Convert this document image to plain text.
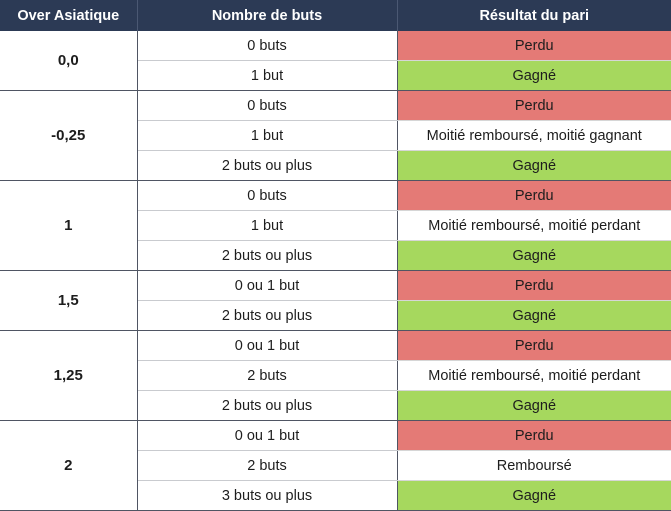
Over Asiatique	Nombre de buts	Résultat du pari
0,0	0 buts	Perdu
	1 but	Gagné
-0,25	0 buts	Perdu
	1 but	Moitié remboursé, moitié gagnant
	2 buts ou plus	Gagné
1	0 buts	Perdu
	1 but	Moitié remboursé, moitié perdant
	2 buts ou plus	Gagné
1,5	0 ou 1 but	Perdu
	2 buts ou plus	Gagné
1,25	0 ou 1 but	Perdu
	2 buts	Moitié remboursé, moitié perdant
	2 buts ou plus	Gagné
2	0 ou 1 but	Perdu
	2 buts	Remboursé
	3 buts ou plus	Gagné
